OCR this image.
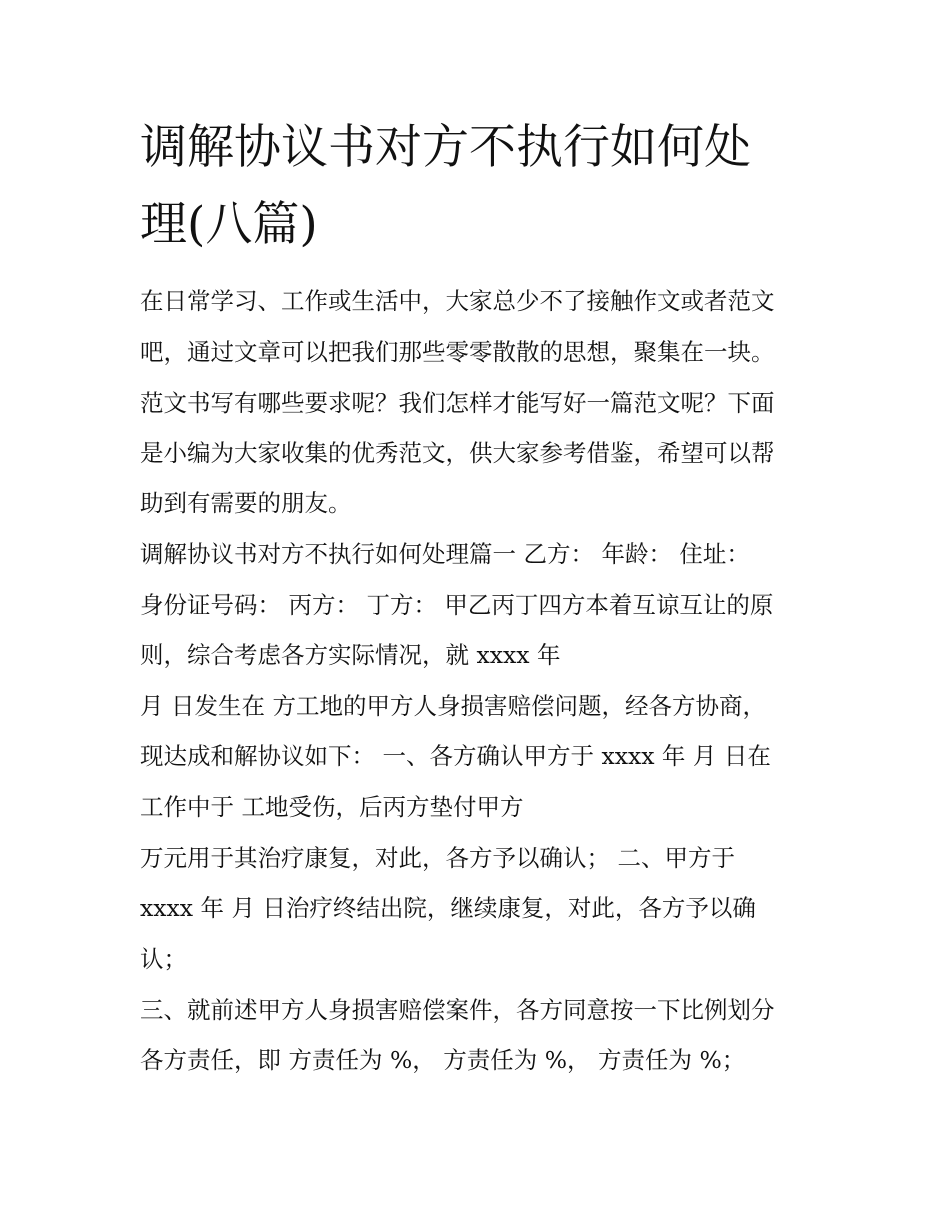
调解协议书对方不执行如何处
理(八篇)
在日常学习、工作或生活中，大家总少不了接触作文或者范文
吧，通过文章可以把我们那些零零散散的思想，聚集在一块。
范文书写有哪些要求呢？我们怎样才能写好一篇范文呢？下面
是小编为大家收集的优秀范文，供大家参考借鉴，希望可以帮
助到有需要的朋友。
调解协议书对方不执行如何处理篇一 乙方： 年龄： 住址：
身份证号码： 丙方： 丁方： 甲乙丙丁四方本着互谅互让的原
则，综合考虑各方实际情况，就 xxxx 年
月 日发生在 方工地的甲方人身损害赔偿问题，经各方协商，
现达成和解协议如下： 一、各方确认甲方于 xxxx 年 月 日在
工作中于 工地受伤，后丙方垫付甲方
万元用于其治疗康复，对此，各方予以确认； 二、甲方于
xxxx 年 月 日治疗终结出院，继续康复，对此，各方予以确
认；
三、就前述甲方人身损害赔偿案件，各方同意按一下比例划分
各方责任，即 方责任为 %， 方责任为 %， 方责任为 %；
